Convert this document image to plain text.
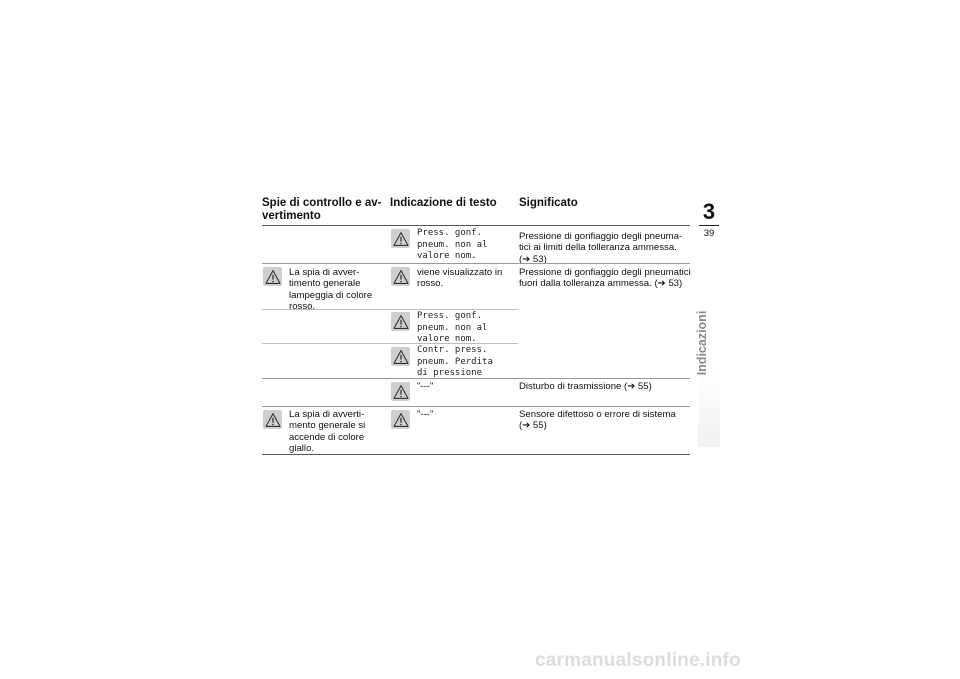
Spie di controllo e av-
vertimento
Indicazione di testo Significato
Press. gonf.
pneum. non al
valore nom.
Pressione di gonfiaggio degli pneuma-
tici ai limiti della tolleranza ammessa.
(➔ 53)
La spia di avver-
timento generale
lampeggia di colore
rosso.
viene visualizzato in
rosso.
Pressione di gonfiaggio degli pneumatici
fuori dalla tolleranza ammessa. (➔ 53)
Press. gonf.
pneum. non al
valore nom.
Contr. press.
pneum. Perdita
di pressione
"---"	Disturbo di trasmissione (➔ 55)
La spia di avverti-
mento generale si
accende di colore
giallo.
"---"	Sensore difettoso o errore di sistema
(➔ 55)
3
39
Indicazioni
carmanualsonline.info
